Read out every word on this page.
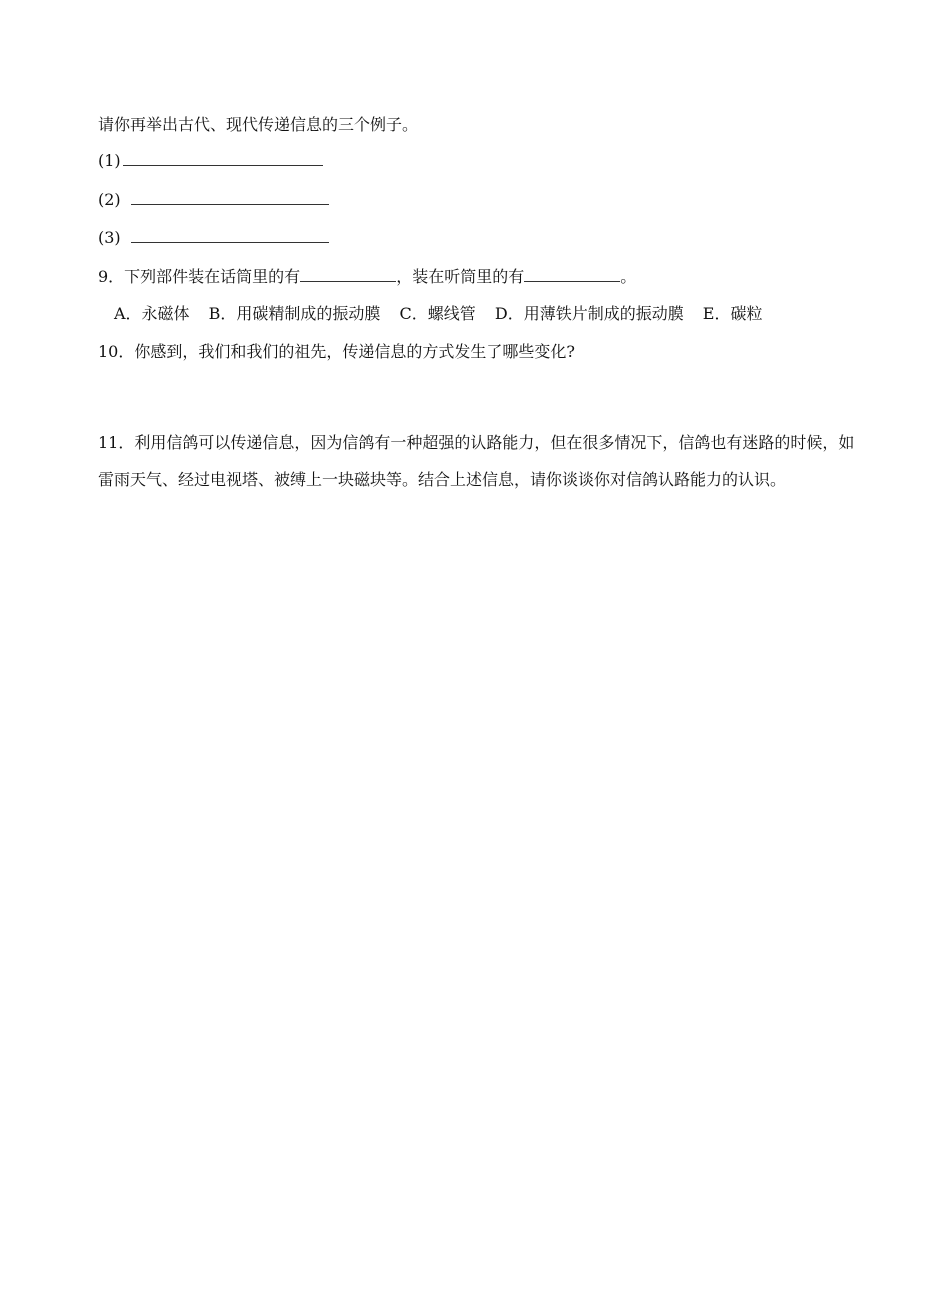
请你再举出古代、现代传递信息的三个例子。
(1)
(2)
(3)
9．下列部件装在话筒里的有	，装在听筒里的有	。
A．永磁体 B．用碳精制成的振动膜 C．螺线管 D．用薄铁片制成的振动膜 E．碳粒
10．你感到，我们和我们的祖先，传递信息的方式发生了哪些变化?
11．利用信鸽可以传递信息，因为信鸽有一种超强的认路能力，但在很多情况下，信鸽也有迷路的时候，如雷雨天气、经过电视塔、被缚上一块磁块等。结合上述信息，请你谈谈你对信鸽认路能力的认识。
